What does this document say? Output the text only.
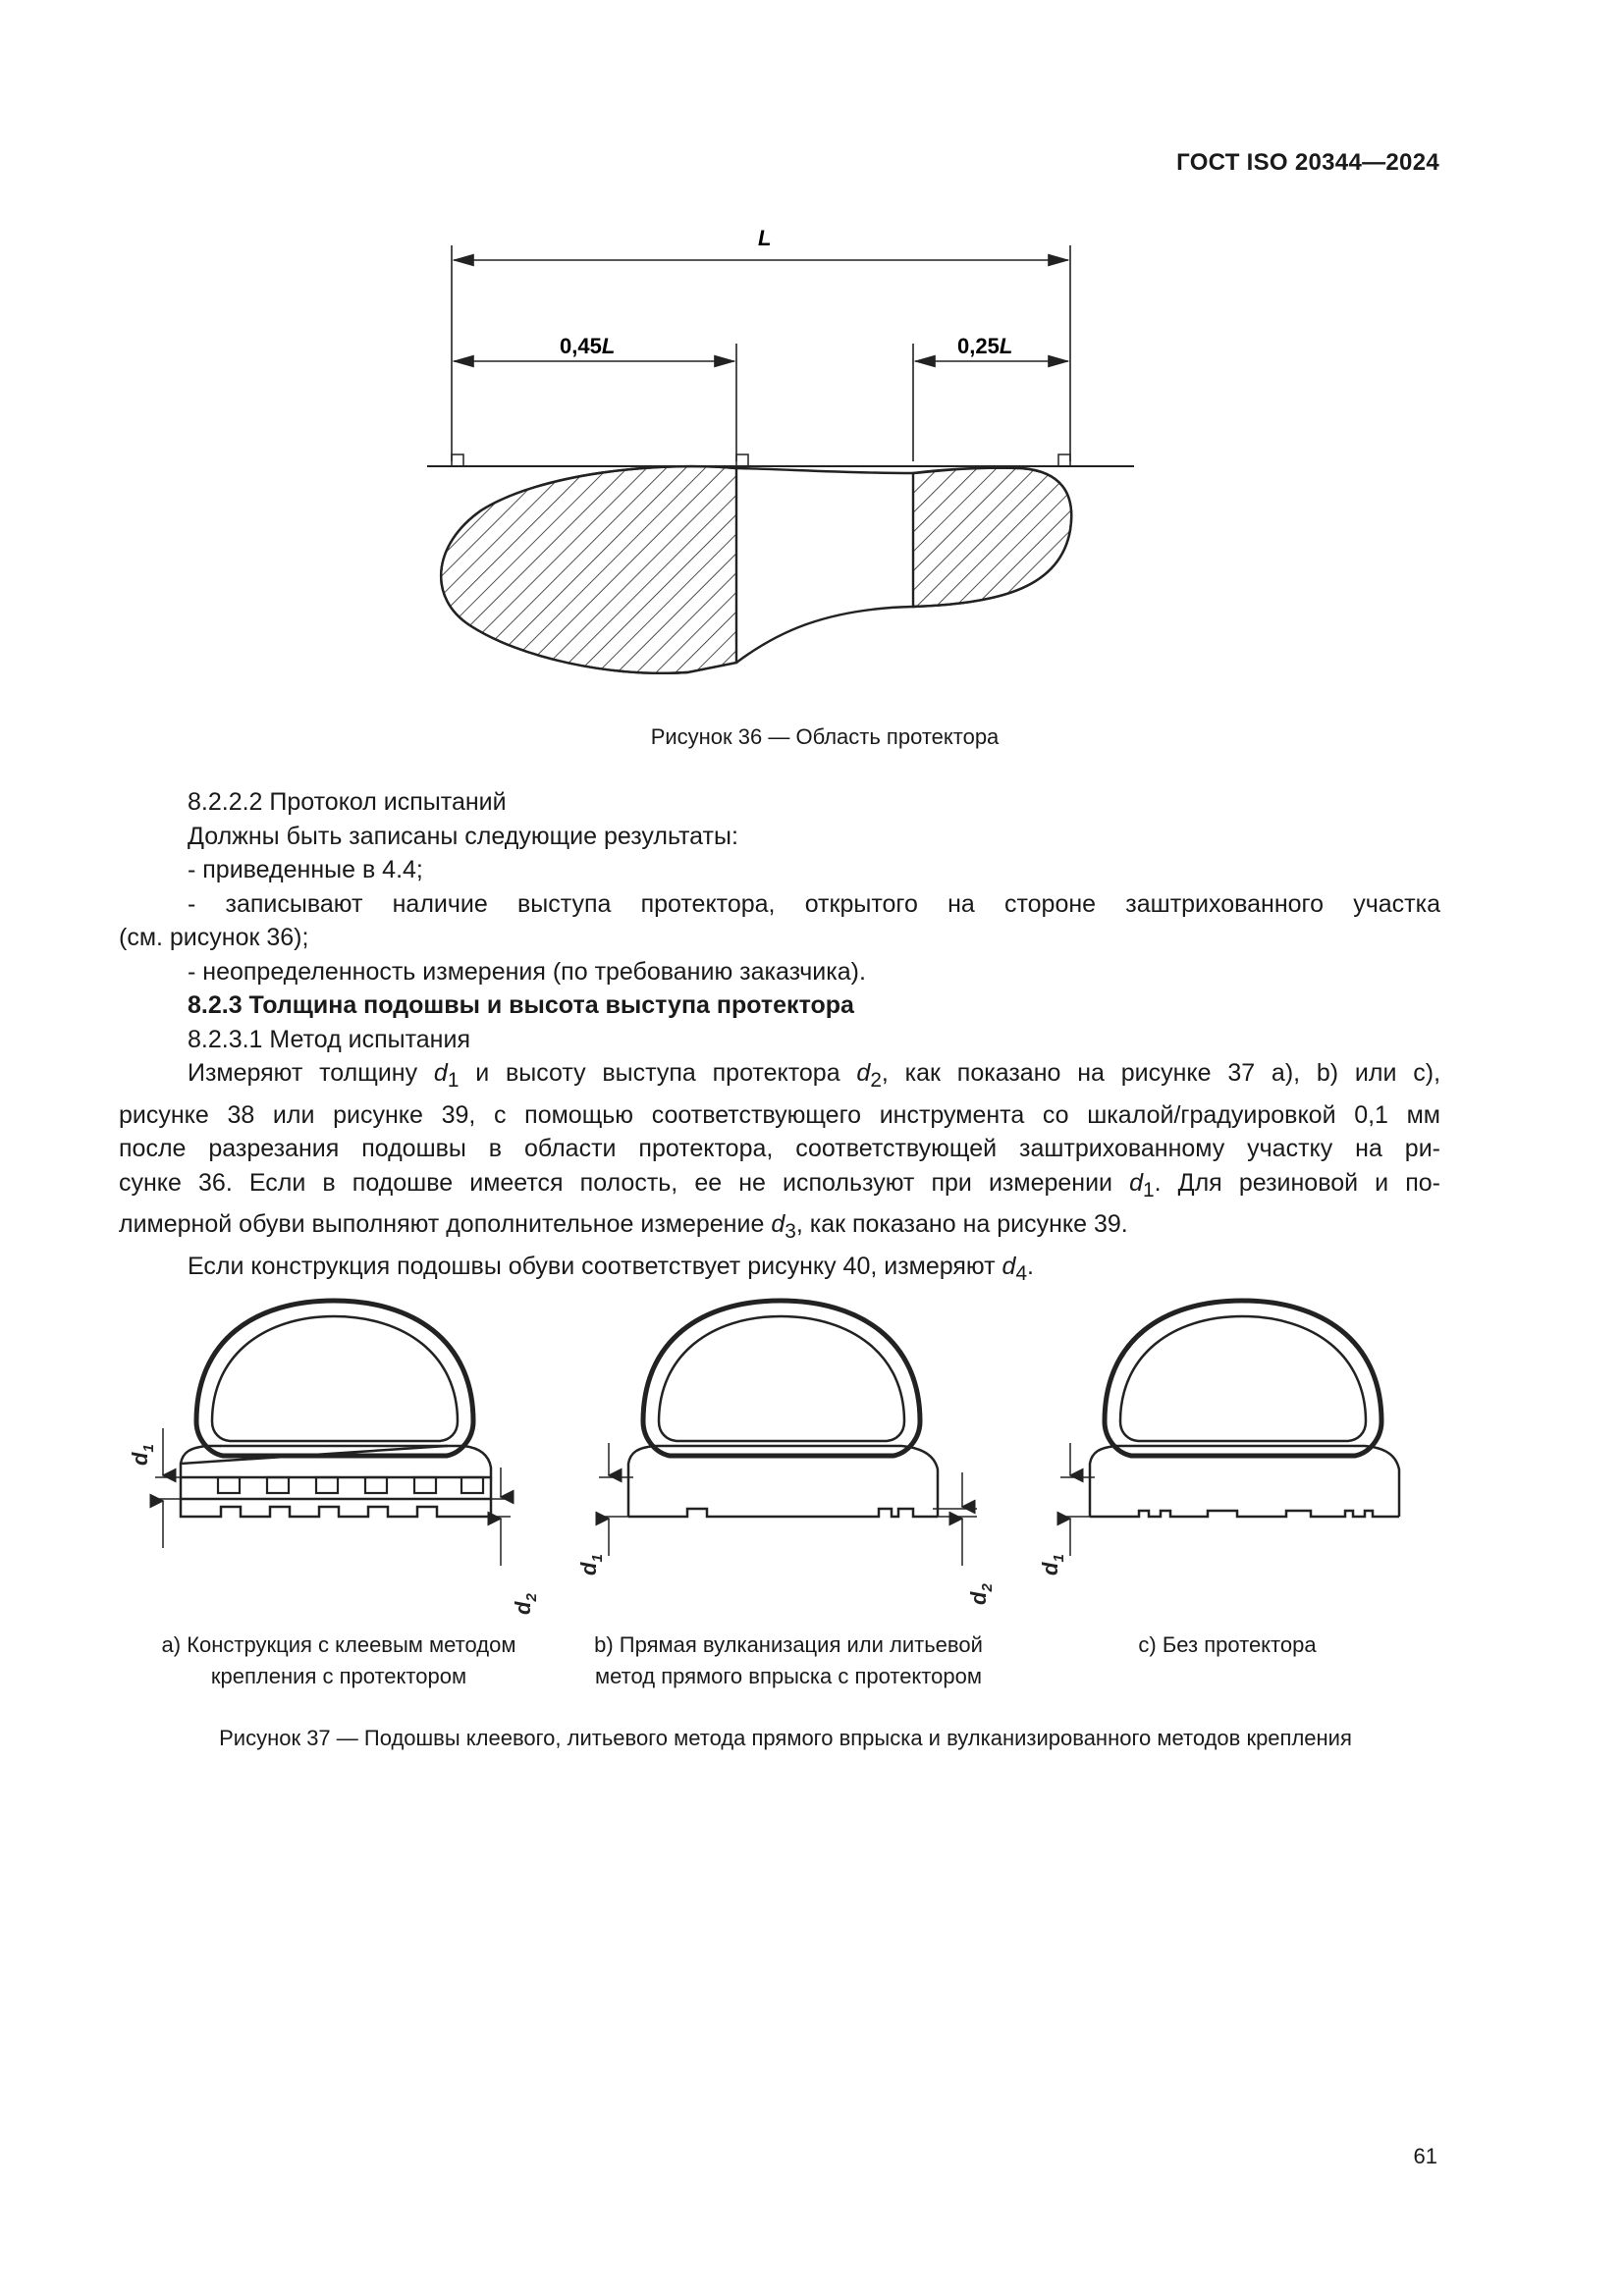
ГОСТ ISO 20344—2024
L
0,45L	0,25L
Рисунок 36 — Область протектора

8.2.2.2 Протокол испытаний

Должны быть записаны следующие результаты:

- приведенные в 4.4;

- записывают наличие выступа протектора, открытого на стороне заштрихованного участка

(см. рисунок 36);

- неопределенность измерения (по требованию заказчика).

8.2.3 Толщина подошвы и высота выступа протектора

8.2.3.1 Метод испытания

Измеряют толщину $d_1$ и высоту выступа протектора $d_2$, как показано на рисунке 37 a), b) или с),

рисунке 38 или рисунке 39, с помощью соответствующего инструмента со шкалой/градуировкой 0,1 мм

после разрезания подошвы в области протектора, соответствующей заштрихованному участку на ри-

сунке 36. Если в подошве имеется полость, ее не используют при измерении $d_1$. Для резиновой и по-

лимерной обуви выполняют дополнительное измерение $d_3$, как показано на рисунке 39.

Если конструкция подошвы обуви соответствует рисунку 40, измеряют $d_4$.

$d_1$
$d_2$
$d_1$
$d_2$
$d_1$
a) Конструкция с клеевым методом
крепления с протектором
b) Прямая вулканизация или литьевой
метод прямого впрыска с протектором
с) Без протектора
Рисунок 37 — Подошвы клеевого, литьевого метода прямого впрыска и вулканизированного методов крепления
61
